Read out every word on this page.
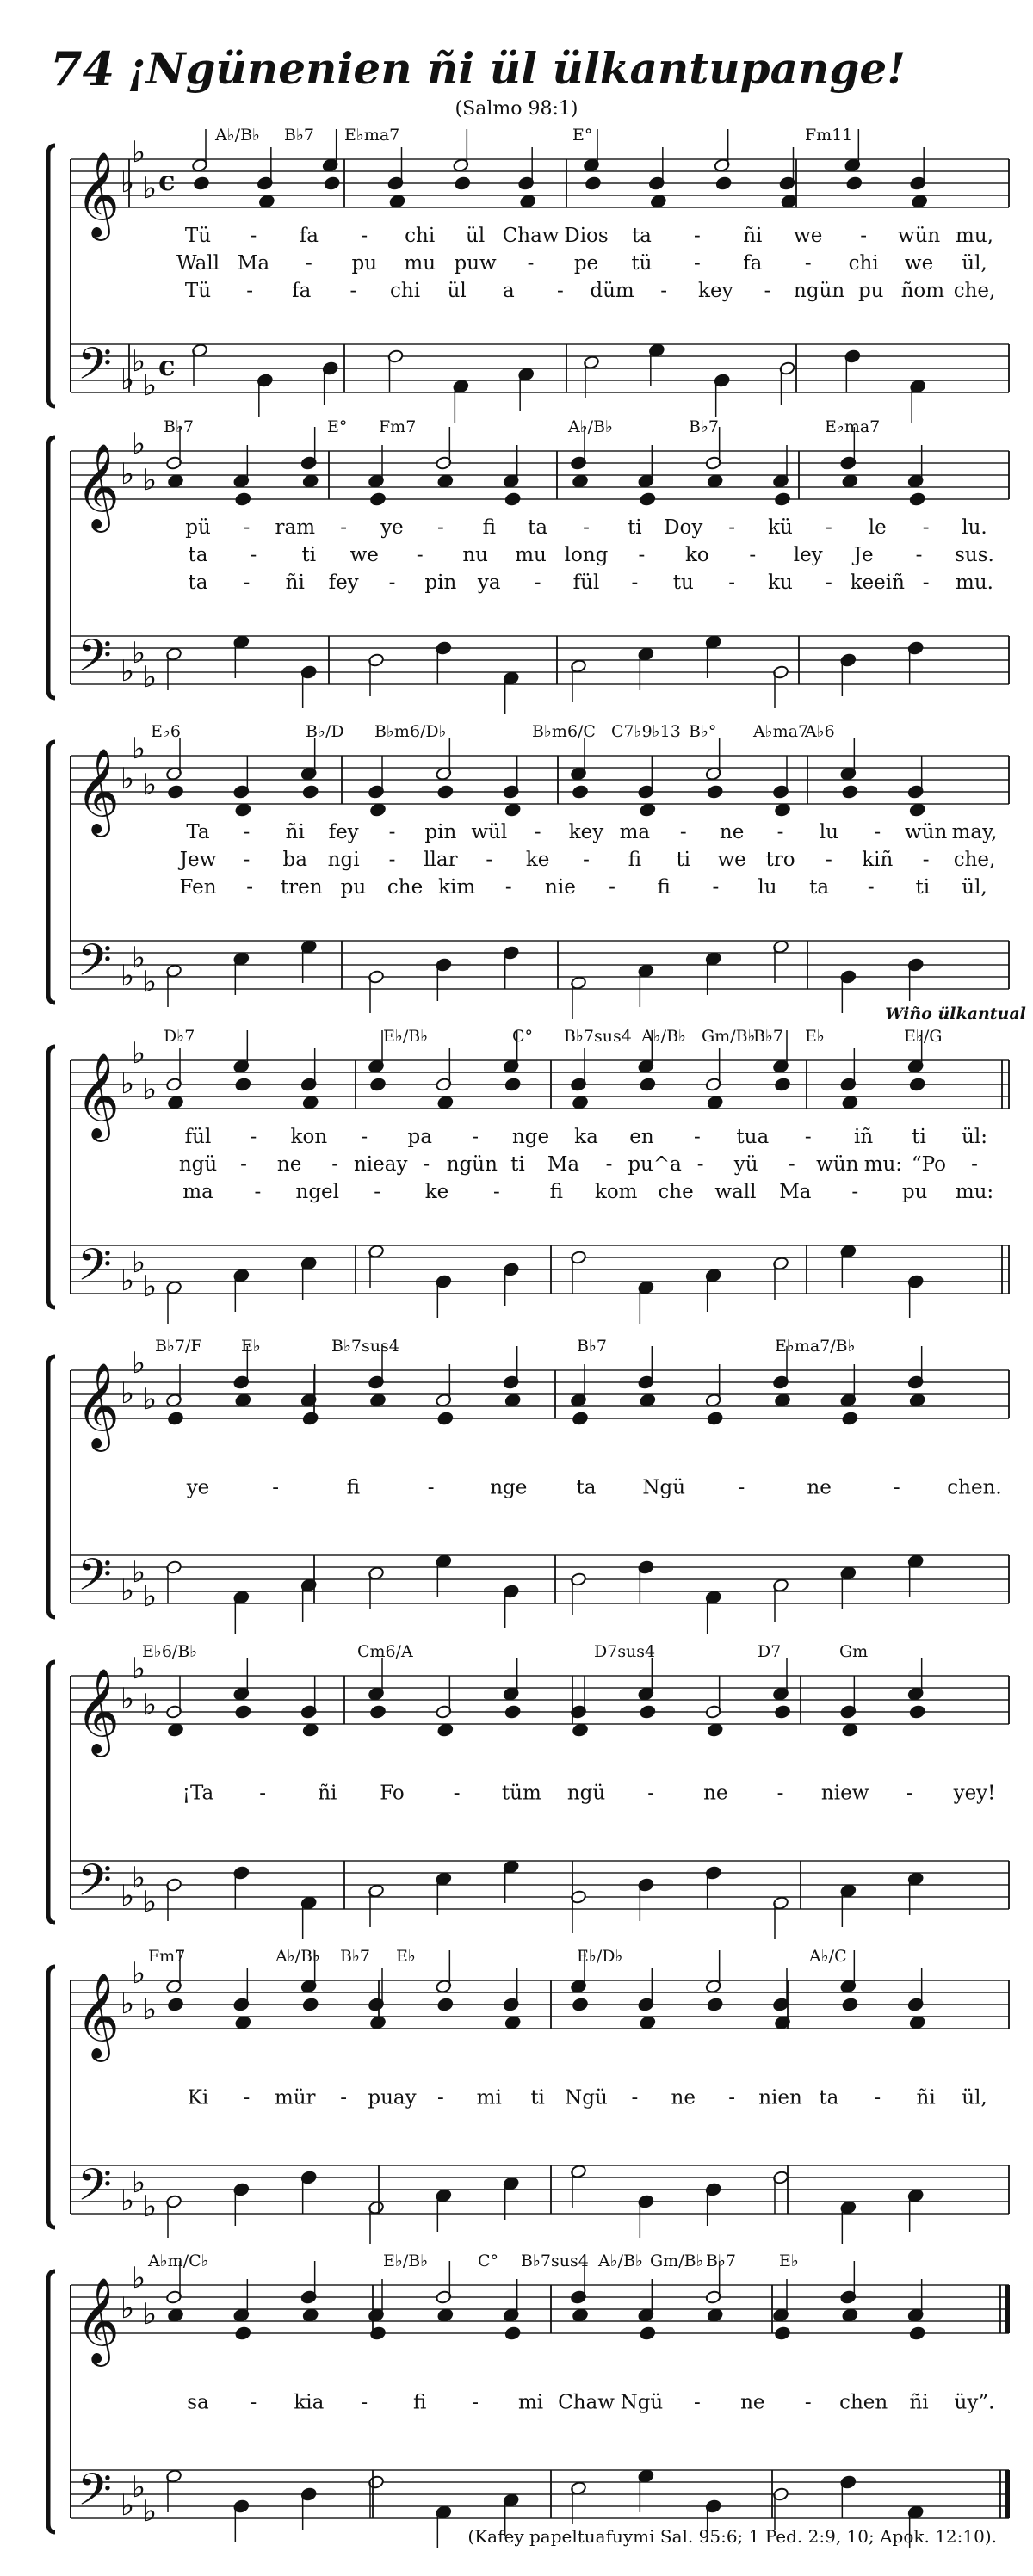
74 ¡Ngünenien ñi ül ülkantupange!
(Salmo 98:1)
𝄞 ♭
♭
♭ c
𝄢 ♭
♭
♭
c
A♭/B♭ B♭7 E♭ma7	E°	Fm11
Tü - fa - chi ül Chaw Dios ta - ñi we - wün mu,
Wall Ma - pu mu puw - pe tü - fa - chi we ül,
Tü - fa - chi ül a - düm - key - ngün pu ñom che,
𝄞 ♭
♭
♭
𝄢 ♭
♭
♭
B♭7	E° Fm7	A♭/B♭	B♭7	E♭ma7
pü - ram - ye - fi ta - ti Doy - kü - le - lu.
ta - ti we - nu mu long - ko - ley Je - sus.
ta - ñi fey - pin ya - fül - tu - ku - keeiñ - mu.
𝄞 ♭
♭
♭
𝄢 ♭
♭
♭
E♭6	B♭/D B♭m6/D♭	B♭m6/C C7♭9♭13 B♭° A♭ma7
A♭6
Ta - ñi fey - pin wül - key ma - ne - lu - wün may,
Jew - ba ngi - llar - ke - fi ti we tro - kiñ - che,
Fen - tren pu che kim - nie - fi - lu ta - ti ül,
𝄞 ♭
♭
♭
𝄢 ♭
♭
♭
D♭7	E♭/B♭	C° B♭7sus4 A♭/B♭ Gm/B♭
B♭7 E♭	E♭/G
Wiño ülkantual
fül - kon - pa - nge ka en - tua - iñ ti ül:
ngü - ne - nieay - ngün ti Ma - pu^a - yü - wün mu: “Po -
ma - ngel - ke -	fi kom che wall Ma - pu mu:
𝄞 ♭
♭
♭
𝄢 ♭
♭
♭
B♭7/F E♭	B♭7sus4	B♭7	E♭ma7/B♭
ye	-	fi	-	nge ta Ngü	-	ne	- chen.
𝄞 ♭
♭
♭
𝄢 ♭
♭
♭
E♭6/B♭	Cm6/A	D7sus4	D7	Gm
¡Ta -	ñi Fo - tüm ngü - ne - niew - yey!
𝄞 ♭
♭
♭
𝄢 ♭
♭
♭
Fm7	A♭/B♭ B♭7 E♭	E♭/D♭	A♭/C
Ki - mür - puay - mi ti Ngü - ne - nien ta - ñi ül,
𝄞 ♭
♭
♭
𝄢 ♭
♭
♭
A♭m/C♭	E♭/B♭	C° B♭7sus4 A♭/B♭ Gm/B♭ B♭7	E♭
sa - kia - fi - mi Chaw Ngü - ne - chen ñi üy”.
(Kafey papeltuafuymi Sal. 95:6; 1 Ped. 2:9, 10; Apok. 12:10).
